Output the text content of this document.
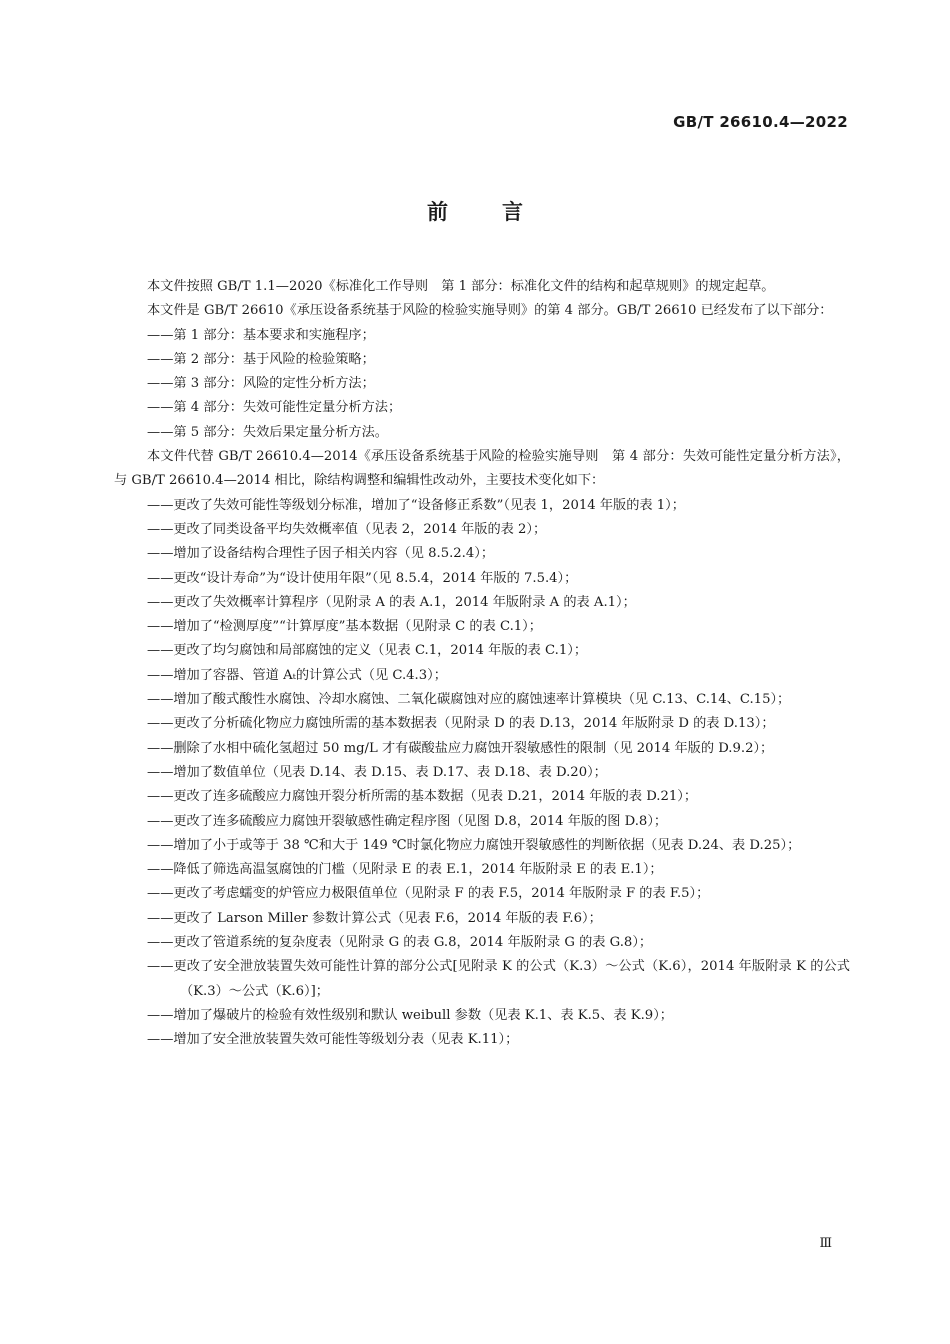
GB/T 26610.4—2022
前言

本文件按照 GB/T 1.1—2020《标准化工作导则　第 1 部分：标准化文件的结构和起草规则》的规定起草。

本文件是 GB/T 26610《承压设备系统基于风险的检验实施导则》的第 4 部分。GB/T 26610 已经发布了以下部分：

——第 1 部分：基本要求和实施程序；

——第 2 部分：基于风险的检验策略；

——第 3 部分：风险的定性分析方法；

——第 4 部分：失效可能性定量分析方法；

——第 5 部分：失效后果定量分析方法。

本文件代替 GB/T 26610.4—2014《承压设备系统基于风险的检验实施导则　第 4 部分：失效可能性定量分析方法》，与 GB/T 26610.4—2014 相比，除结构调整和编辑性改动外，主要技术变化如下：

——更改了失效可能性等级划分标准，增加了“设备修正系数”（见表 1，2014 年版的表 1）；

——更改了同类设备平均失效概率值（见表 2，2014 年版的表 2）；

——增加了设备结构合理性子因子相关内容（见 8.5.2.4）；

——更改“设计寿命”为“设计使用年限”（见 8.5.4，2014 年版的 7.5.4）；

——更改了失效概率计算程序（见附录 A 的表 A.1，2014 年版附录 A 的表 A.1）；

——增加了“检测厚度”“计算厚度”基本数据（见附录 C 的表 C.1）；

——更改了均匀腐蚀和局部腐蚀的定义（见表 C.1，2014 年版的表 C.1）；

——增加了容器、管道 Aₜ的计算公式（见 C.4.3）；

——增加了酸式酸性水腐蚀、冷却水腐蚀、二氧化碳腐蚀对应的腐蚀速率计算模块（见 C.13、C.14、C.15）；

——更改了分析硫化物应力腐蚀所需的基本数据表（见附录 D 的表 D.13，2014 年版附录 D 的表 D.13）；

——删除了水相中硫化氢超过 50 mg/L 才有碳酸盐应力腐蚀开裂敏感性的限制（见 2014 年版的 D.9.2）；

——增加了数值单位（见表 D.14、表 D.15、表 D.17、表 D.18、表 D.20）；

——更改了连多硫酸应力腐蚀开裂分析所需的基本数据（见表 D.21，2014 年版的表 D.21）；

——更改了连多硫酸应力腐蚀开裂敏感性确定程序图（见图 D.8，2014 年版的图 D.8）；

——增加了小于或等于 38 ℃和大于 149 ℃时氯化物应力腐蚀开裂敏感性的判断依据（见表 D.24、表 D.25）；

——降低了筛选高温氢腐蚀的门槛（见附录 E 的表 E.1，2014 年版附录 E 的表 E.1）；

——更改了考虑蠕变的炉管应力极限值单位（见附录 F 的表 F.5，2014 年版附录 F 的表 F.5）；

——更改了 Larson Miller 参数计算公式（见表 F.6，2014 年版的表 F.6）；

——更改了管道系统的复杂度表（见附录 G 的表 G.8，2014 年版附录 G 的表 G.8）；

——更改了安全泄放装置失效可能性计算的部分公式[见附录 K 的公式（K.3）～公式（K.6），2014 年版附录 K 的公式（K.3）～公式（K.6）]；

——增加了爆破片的检验有效性级别和默认 weibull 参数（见表 K.1、表 K.5、表 K.9）；

——增加了安全泄放装置失效可能性等级划分表（见表 K.11）；

Ⅲ
